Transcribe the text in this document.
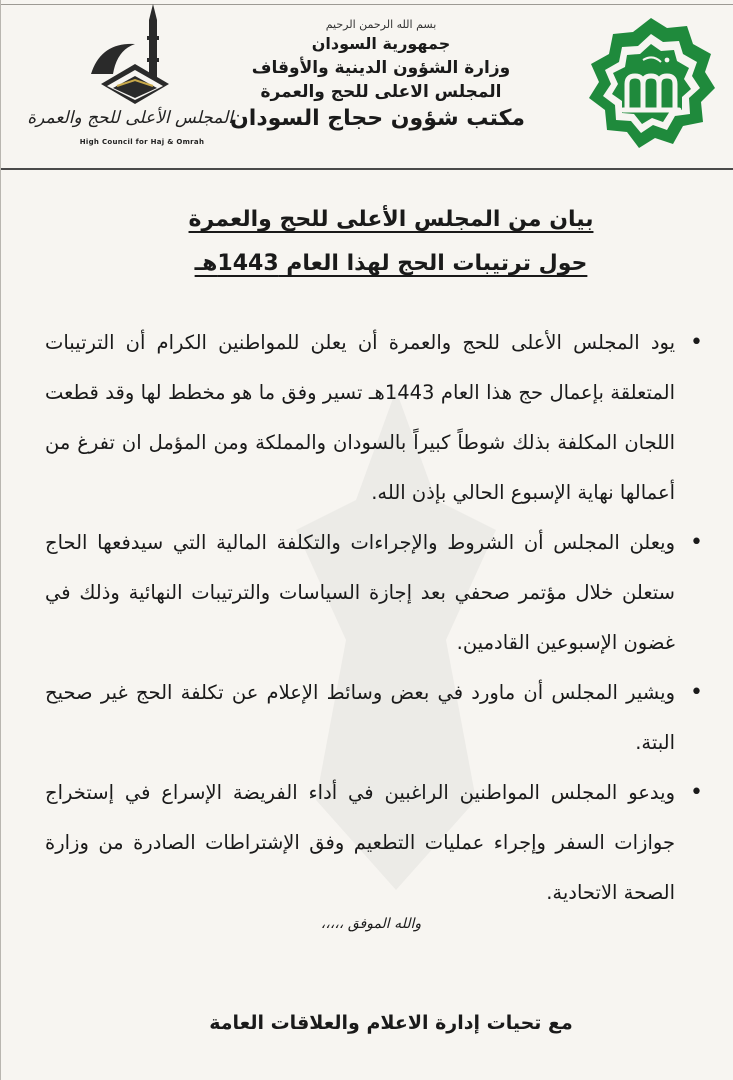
بسم الله الرحمن الرحيم
جمهورية السودان
وزارة الشؤون الدينية والأوقاف
المجلس الاعلى للحج والعمرة
مكتب شؤون حجاج السودان
المجلس الأعلى للحج والعمرة
High Council for Haj & Omrah
بيان من المجلس الأعلى للحج والعمرة
حول ترتيبات الحج لهذا العام 1443هـ

• يود المجلس الأعلى للحج والعمرة أن يعلن للمواطنين الكرام أن الترتيبات المتعلقة بإعمال حج هذا العام 1443هـ تسير وفق ما هو مخطط لها وقد قطعت اللجان المكلفة بذلك شوطاً كبيراً بالسودان والمملكة ومن المؤمل ان تفرغ من أعمالها نهاية الإسبوع الحالي بإذن الله.

• ويعلن المجلس أن الشروط والإجراءات والتكلفة المالية التي سيدفعها الحاج ستعلن خلال مؤتمر صحفي بعد إجازة السياسات والترتيبات النهائية وذلك في غضون الإسبوعين القادمين.

• ويشير المجلس أن ماورد في بعض وسائط الإعلام عن تكلفة الحج غير صحيح البتة.

• ويدعو المجلس المواطنين الراغبين في أداء الفريضة الإسراع في إستخراج جوازات السفر وإجراء عمليات التطعيم وفق الإشتراطات الصادرة من وزارة الصحة الاتحادية.

والله الموفق ،،،،،
مع تحيات إدارة الاعلام والعلاقات العامة
